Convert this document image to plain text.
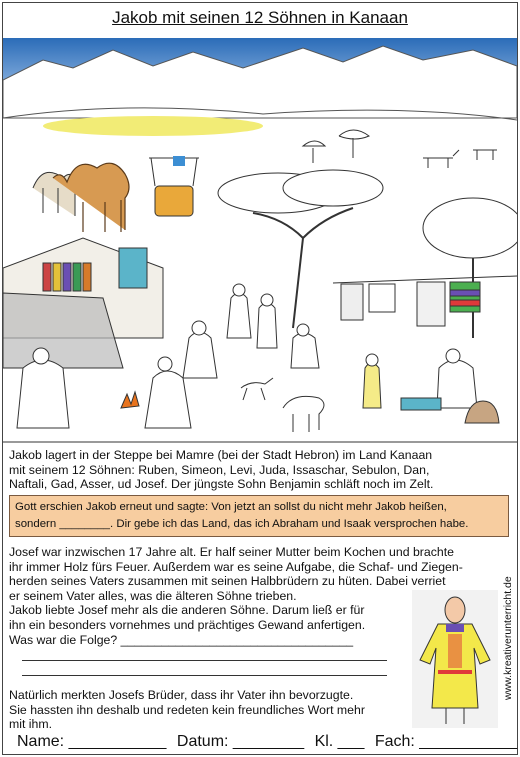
Jakob mit seinen 12 Söhnen in Kanaan
Jakob lagert in der Steppe bei Mamre (bei der Stadt Hebron) im Land Kanaan
mit seinem 12 Söhnen: Ruben, Simeon, Levi, Juda, Issaschar, Sebulon, Dan,
Naftali, Gad, Asser, ud Josef. Der jüngste Sohn Benjamin schläft noch im Zelt.
Gott erschien Jakob erneut und sagte: Von jetzt an sollst du nicht mehr Jakob heißen,
sondern ________. Dir gebe ich das Land, das ich Abraham und Isaak versprochen habe.
Josef war inzwischen 17 Jahre alt. Er half seiner Mutter beim Kochen und brachte
ihr immer Holz fürs Feuer. Außerdem war es seine Aufgabe, die Schaf- und Ziegen-
herden seines Vaters zusammen mit seinen Halbbrüdern zu hüten. Dabei verriet
er seinem Vater alles, was die älteren Söhne trieben.
Jakob liebte Josef mehr als die anderen Söhne. Darum ließ er für
ihn ein besonders vornehmes und prächtiges Gewand anfertigen.
Was war die Folge? __________________________________
Natürlich merkten Josefs Brüder, dass ihr Vater ihn bevorzugte.
Sie hassten ihn deshalb und redeten kein freundliches Wort mehr
mit ihm.
www.kreativerunterricht.de
Name: ___________ Datum: ________ Kl. ___ Fach: ___________
